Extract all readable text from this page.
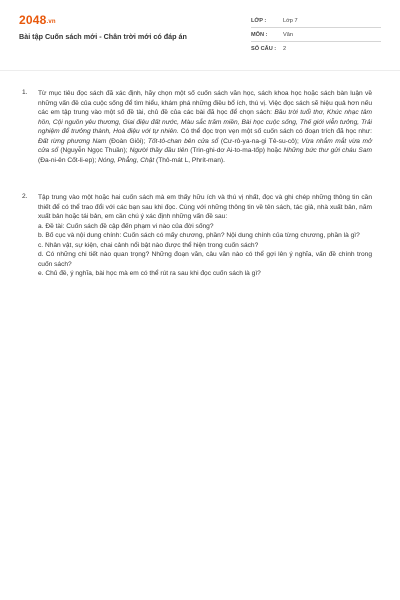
2048.vn
Bài tập Cuốn sách mới - Chân trời mới có đáp án
LỚP :	Lớp 7
MÔN :	Văn
SỐ CÂU :	2
1. Từ mục tiêu đọc sách đã xác định, hãy chọn một số cuốn sách văn học, sách khoa học hoặc sách bàn luận về những vấn đề của cuộc sống để tìm hiểu, khám phá những điều bổ ích, thú vị. Việc đọc sách sẽ hiệu quả hơn nếu các em tập trung vào một số đề tài, chủ đề của các bài đã học để chọn sách: Bầu trời tuổi thơ, Khúc nhạc tâm hồn, Cội nguồn yêu thương, Giai điệu đất nước, Màu sắc trăm miền, Bài học cuộc sống, Thế giới viễn tưởng, Trải nghiệm để trưởng thành, Hoà điệu với tự nhiên. Có thể đọc trọn vẹn một số cuốn sách có đoạn trích đã học như: Đất rừng phương Nam (Đoàn Giỏi); Tốt-tô-chan bên cửa sổ (Cư-rô-ya-na-gi Tê-su-cô); Vừa nhắm mắt vừa mở cửa sổ (Nguyễn Ngọc Thuần); Người thầy đầu tiên (Trin-ghi-dơ Ai-to-ma-tốp) hoặc Những bức thư gửi cháu Sam (Đa-ni-ên Cốt-li-ep); Nóng, Phẳng, Chật (Thô-mát L, Phrít-man).

2. Tập trung vào một hoặc hai cuốn sách mà em thấy hữu ích và thú vị nhất, đọc và ghi chép những thông tin cần thiết để có thể trao đổi với các bạn sau khi đọc. Cùng với những thông tin về tên sách, tác giả, nhà xuất bản, năm xuất bản hoặc tái bản, em cần chú ý xác định những vấn đề sau:

a. Đề tài: Cuốn sách đề cập đến phạm vi nào của đời sống?

b. Bố cục và nội dung chính: Cuốn sách có mấy chương, phần? Nội dung chính của từng chương, phần là gì?

c. Nhân vật, sự kiện, chai cảnh nổi bật nào được thể hiện trong cuốn sách?

d. Có những chi tiết nào quan trọng? Những đoạn văn, câu văn nào có thể gợi lên ý nghĩa, vấn đề chính trong cuốn sách?

e. Chủ đề, ý nghĩa, bài học mà em có thể rút ra sau khi đọc cuốn sách là gì?
